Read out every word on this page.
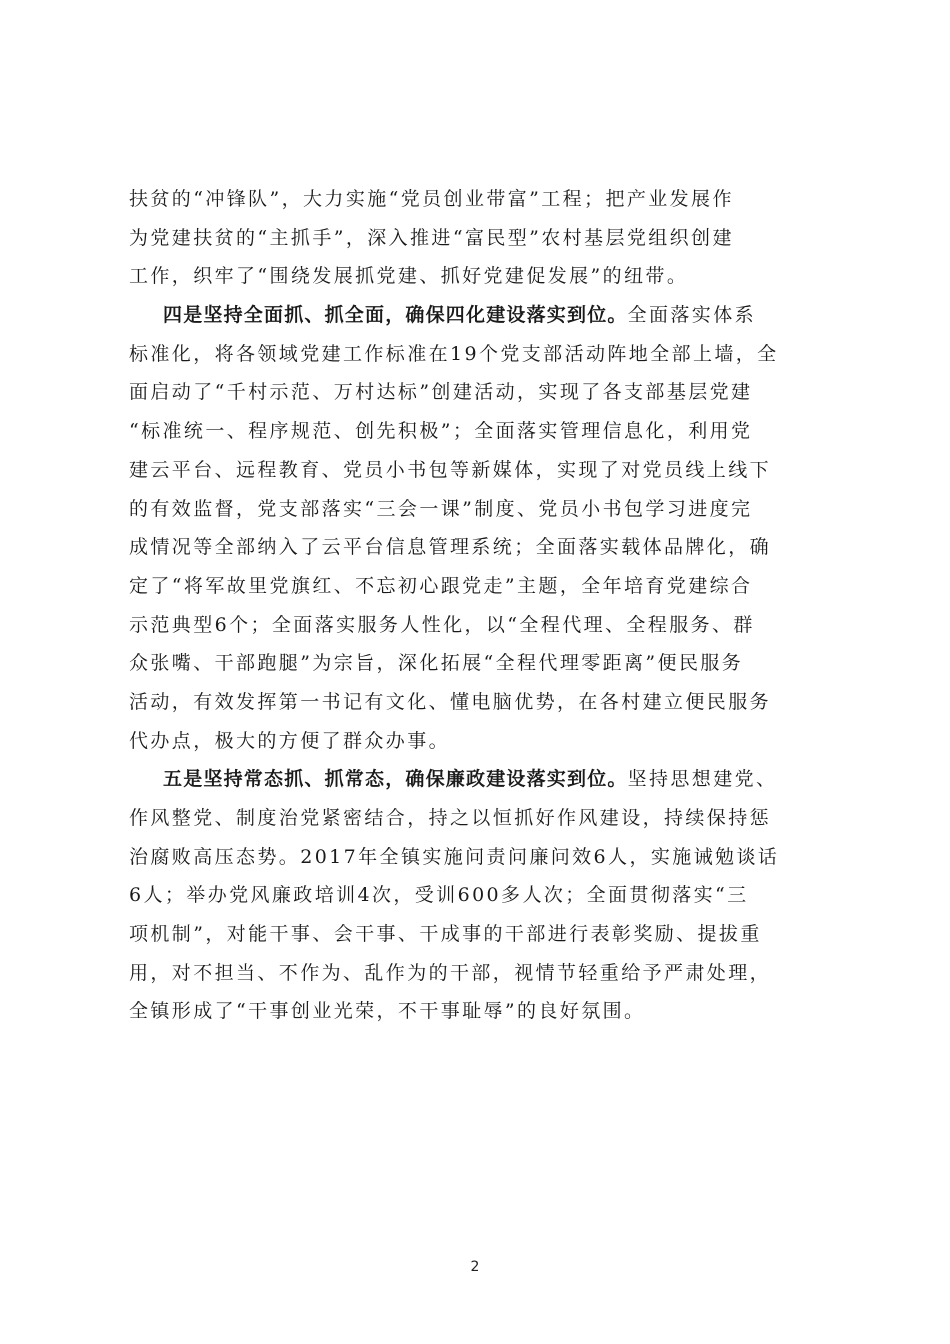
扶贫的“冲锋队”，大力实施“党员创业带富”工程；把产业发展作
为党建扶贫的“主抓手”，深入推进“富民型”农村基层党组织创建
工作，织牢了“围绕发展抓党建、抓好党建促发展”的纽带。
四是坚持全面抓、抓全面，确保四化建设落实到位。全面落实体系
标准化，将各领域党建工作标准在19个党支部活动阵地全部上墙，全
面启动了“千村示范、万村达标”创建活动，实现了各支部基层党建
“标准统一、程序规范、创先积极”；全面落实管理信息化，利用党
建云平台、远程教育、党员小书包等新媒体，实现了对党员线上线下
的有效监督，党支部落实“三会一课”制度、党员小书包学习进度完
成情况等全部纳入了云平台信息管理系统；全面落实载体品牌化，确
定了“将军故里党旗红、不忘初心跟党走”主题，全年培育党建综合
示范典型6个；全面落实服务人性化，以“全程代理、全程服务、群
众张嘴、干部跑腿”为宗旨，深化拓展“全程代理零距离”便民服务
活动，有效发挥第一书记有文化、懂电脑优势，在各村建立便民服务
代办点，极大的方便了群众办事。
五是坚持常态抓、抓常态，确保廉政建设落实到位。坚持思想建党、
作风整党、制度治党紧密结合，持之以恒抓好作风建设，持续保持惩
治腐败高压态势。2017年全镇实施问责问廉问效6人，实施诫勉谈话
6人；举办党风廉政培训4次，受训600多人次；全面贯彻落实“三
项机制”，对能干事、会干事、干成事的干部进行表彰奖励、提拔重
用，对不担当、不作为、乱作为的干部，视情节轻重给予严肃处理，
全镇形成了“干事创业光荣，不干事耻辱”的良好氛围。
2
